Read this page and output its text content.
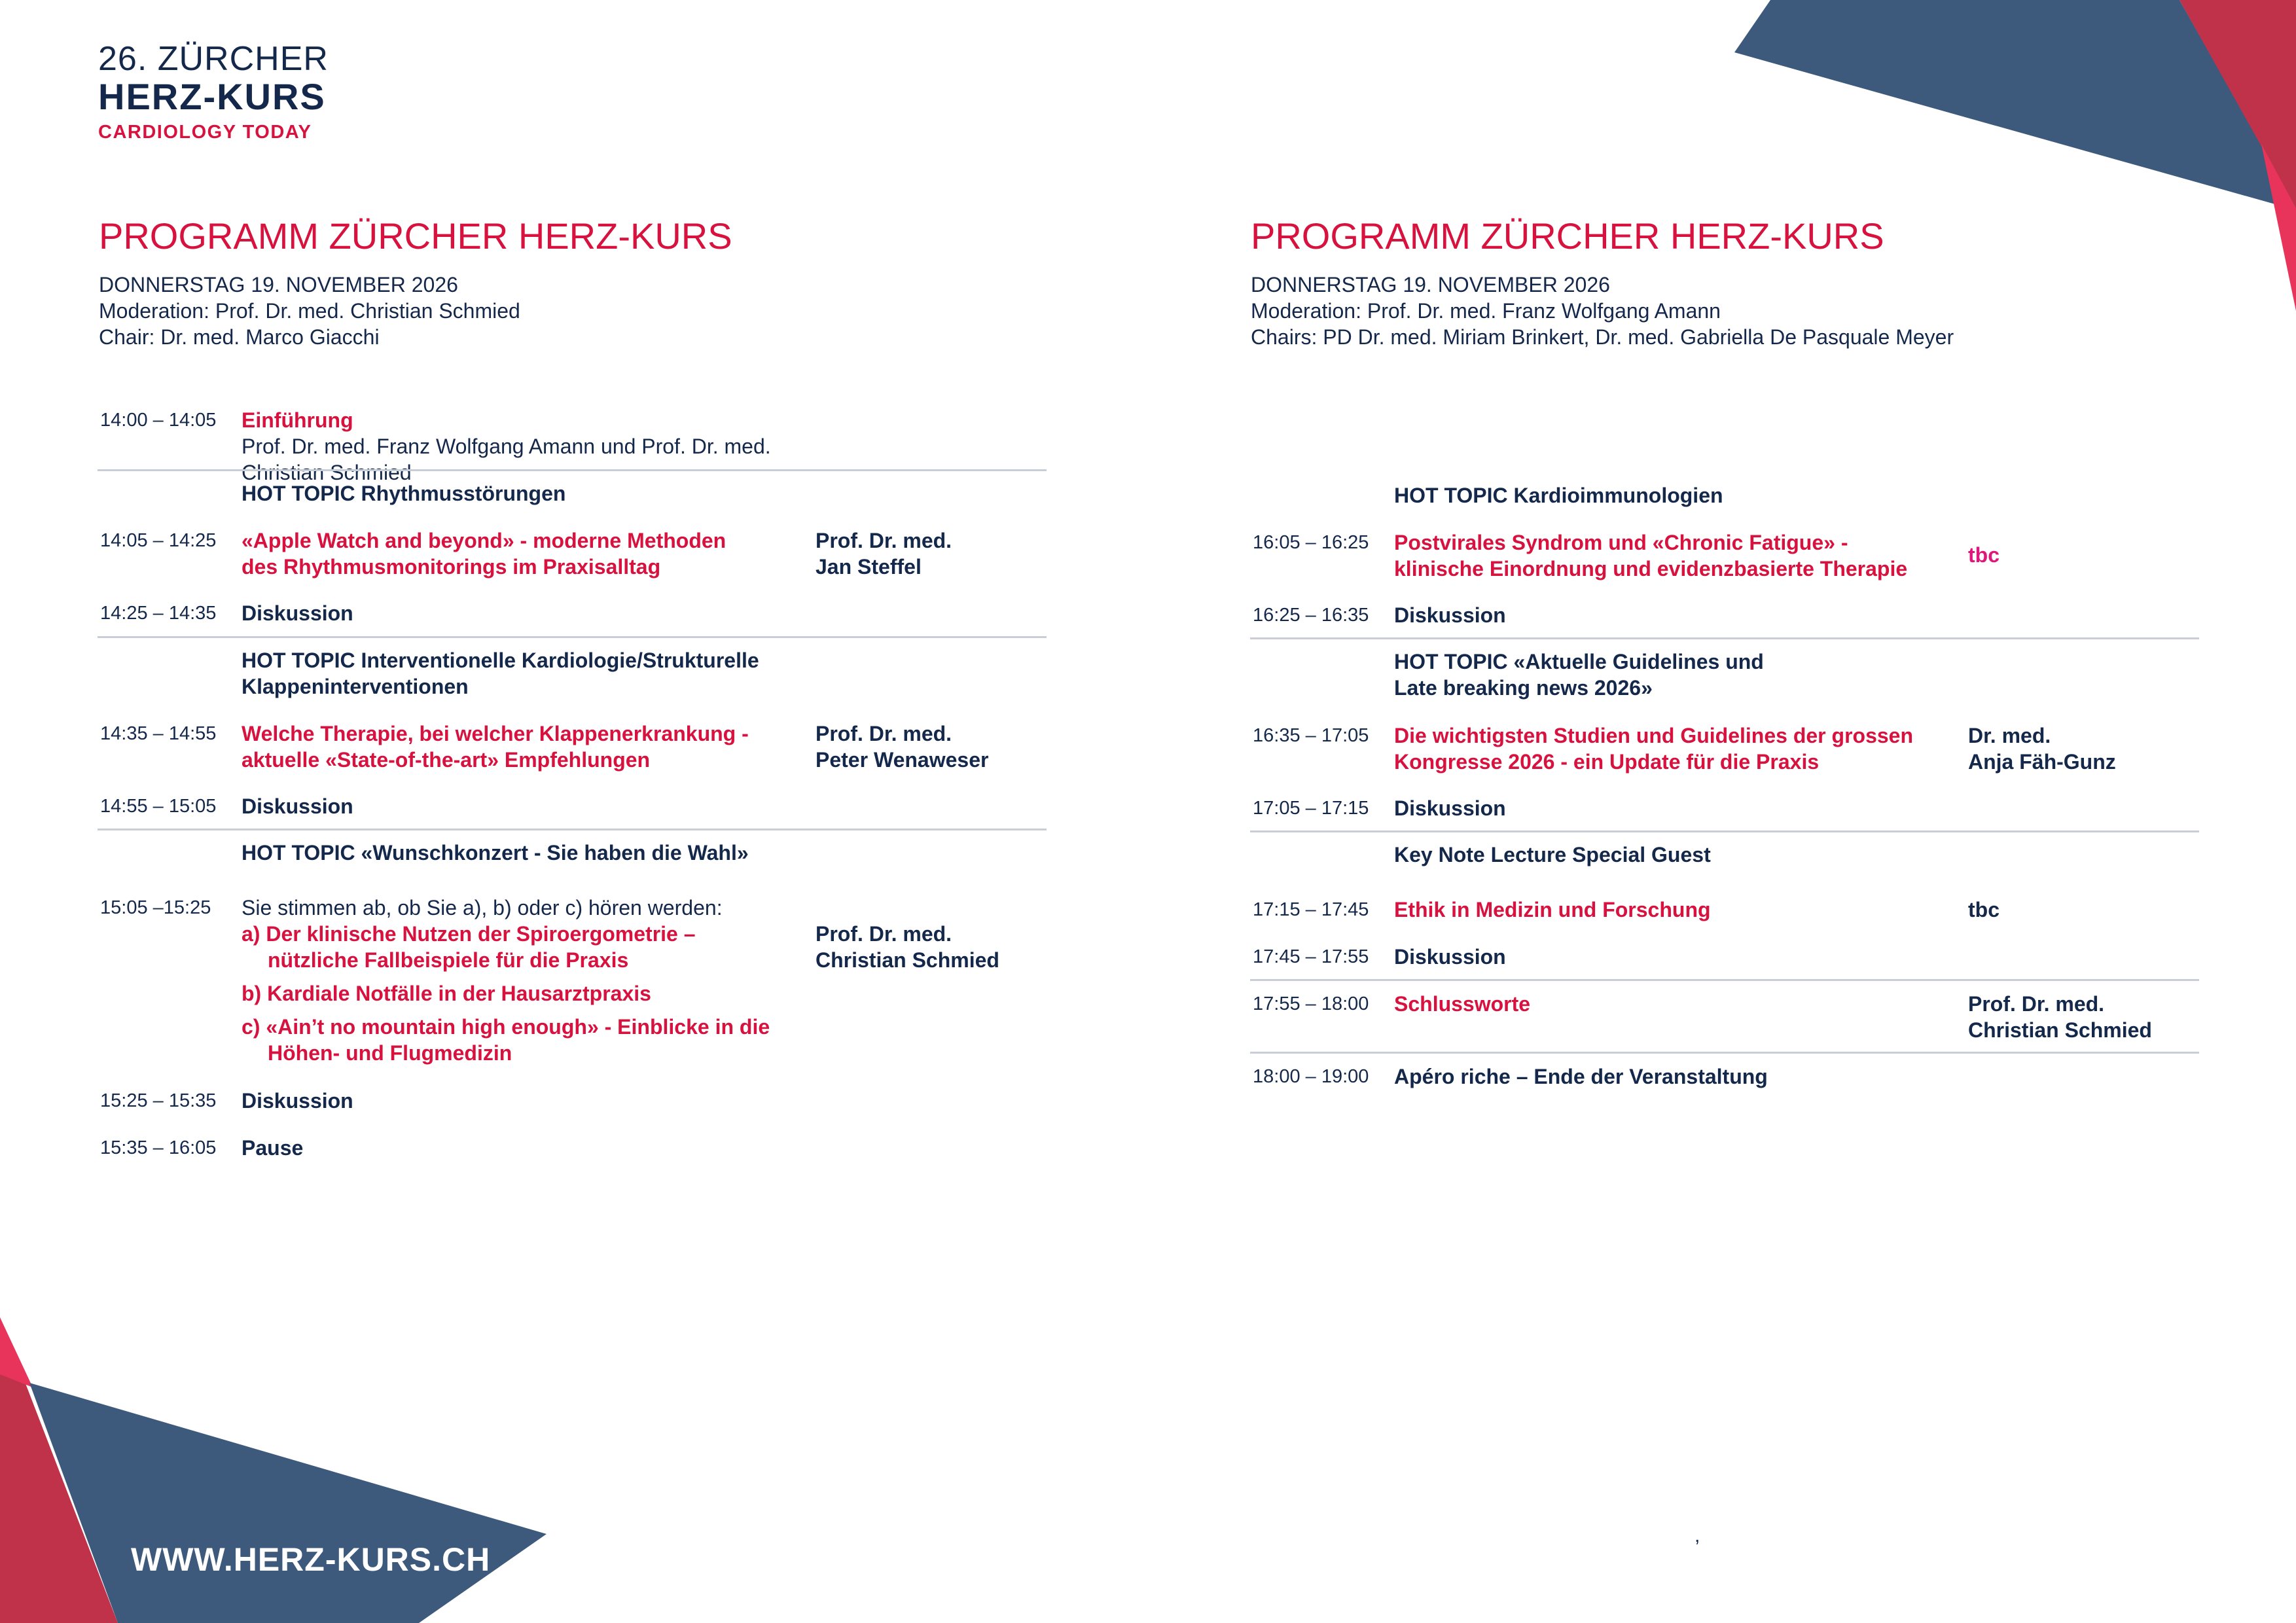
26. ZÜRCHER
HERZ-KURS
CARDIOLOGY TODAY
PROGRAMM ZÜRCHER HERZ-KURS
DONNERSTAG 19. NOVEMBER 2026
Moderation: Prof. Dr. med. Christian Schmied
Chair: Dr. med. Marco Giacchi
14:00 – 14:05 Einführung
Prof. Dr. med. Franz Wolfgang Amann und Prof. Dr. med. Christian Schmied
HOT TOPIC Rhythmusstörungen
14:05 – 14:25 «Apple Watch and beyond» - moderne Methoden
des Rhythmusmonitorings im Praxisalltag
Prof. Dr. med.
Jan Steffel
14:25 – 14:35 Diskussion
HOT TOPIC Interventionelle Kardiologie/Strukturelle
Klappeninterventionen
14:35 – 14:55 Welche Therapie, bei welcher Klappenerkrankung -
aktuelle «State-of-the-art» Empfehlungen
Prof. Dr. med.
Peter Wenaweser
14:55 – 15:05 Diskussion
HOT TOPIC «Wunschkonzert - Sie haben die Wahl»
15:05 –15:25 Sie stimmen ab, ob Sie a), b) oder c) hören werden:
a) Der klinische Nutzen der Spiroergometrie –
nützliche Fallbeispiele für die Praxis
b) Kardiale Notfälle in der Hausarztpraxis
c) «Ain’t no mountain high enough» - Einblicke in die
Höhen- und Flugmedizin
Prof. Dr. med.
Christian Schmied
15:25 – 15:35 Diskussion
15:35 – 16:05 Pause
PROGRAMM ZÜRCHER HERZ-KURS
DONNERSTAG 19. NOVEMBER 2026
Moderation: Prof. Dr. med. Franz Wolfgang Amann
Chairs: PD Dr. med. Miriam Brinkert, Dr. med. Gabriella De Pasquale Meyer
HOT TOPIC Kardioimmunologien
16:05 – 16:25 Postvirales Syndrom und «Chronic Fatigue» -
klinische Einordnung und evidenzbasierte Therapie
tbc
16:25 – 16:35 Diskussion
HOT TOPIC «Aktuelle Guidelines und
Late breaking news 2026»
16:35 – 17:05 Die wichtigsten Studien und Guidelines der grossen
Kongresse 2026 - ein Update für die Praxis
Dr. med.
Anja Fäh-Gunz
17:05 – 17:15 Diskussion
Key Note Lecture Special Guest
17:15 – 17:45 Ethik in Medizin und Forschung	tbc
17:45 – 17:55 Diskussion
17:55 – 18:00 Schlussworte	Prof. Dr. med.
Christian Schmied
18:00 – 19:00 Apéro riche – Ende der Veranstaltung
WWW.HERZ-KURS.CH
,
